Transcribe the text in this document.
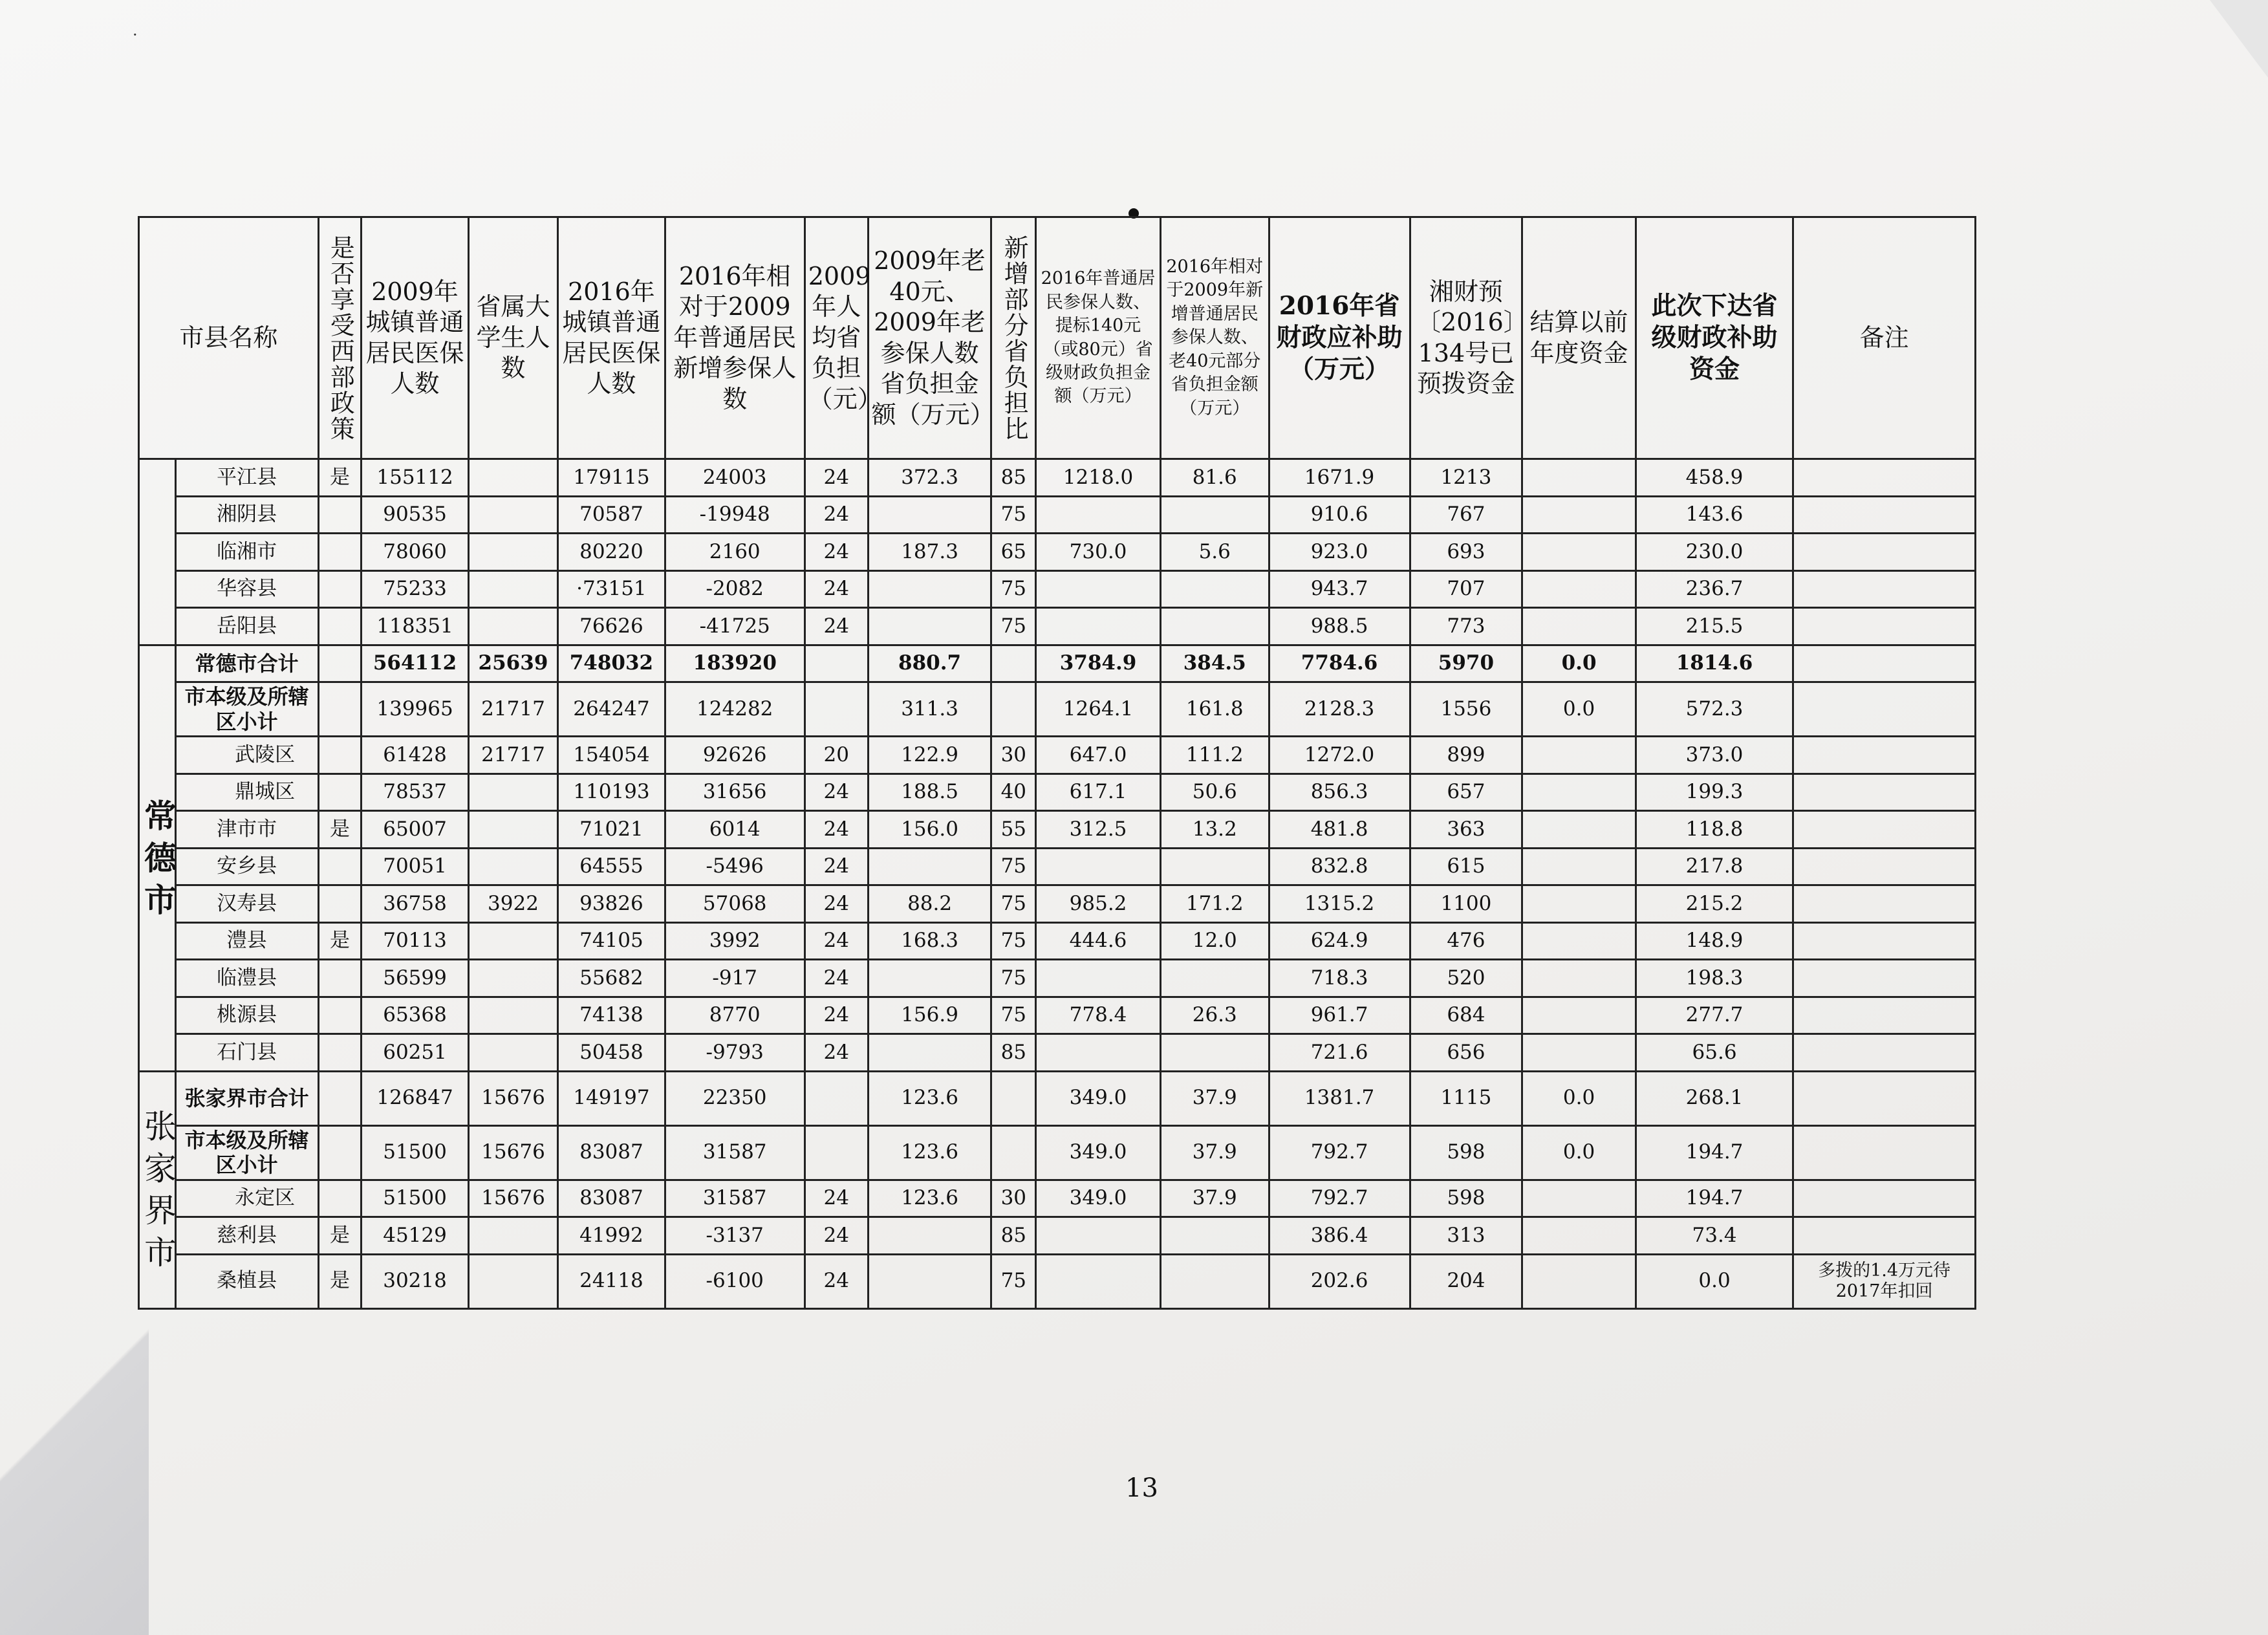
·
市县名称		是否享受西部政策	2009年城镇普通居民医保人数	省属大学生人数	2016年城镇普通居民医保人数	2016年相对于2009年普通居民新增参保人数	2009年人均省负担（元）	2009年老40元、2009年老参保人数省负担金额（万元）	新增部分省负担比	2016年普通居民参保人数、提标140元（或80元）省级财政负担金额（万元）	2016年相对于2009年新增普通居民参保人数、老40元部分省负担金额（万元）	2016年省财政应补助（万元）	湘财预〔2016〕134号已预拨资金	结算以前年度资金	此次下达省级财政补助资金	备注
	平江县	是	155112		179115	24003	24	372.3	85	1218.0	81.6	1671.9	1213		458.9	
	湘阴县		90535		70587	-19948	24		75			910.6	767		143.6	
	临湘市		78060		80220	2160	24	187.3	65	730.0	5.6	923.0	693		230.0	
	华容县		75233		·73151	-2082	24		75			943.7	707		236.7	
	岳阳县		118351		76626	-41725	24		75			988.5	773		215.5	
常德市	常德市合计		564112	25639	748032	183920		880.7		3784.9	384.5	7784.6	5970	0.0	1814.6	
	市本级及所辖区小计		139965	21717	264247	124282		311.3		1264.1	161.8	2128.3	1556	0.0	572.3	
	武陵区		61428	21717	154054	92626	20	122.9	30	647.0	111.2	1272.0	899		373.0	
	鼎城区		78537		110193	31656	24	188.5	40	617.1	50.6	856.3	657		199.3	
	津市市	是	65007		71021	6014	24	156.0	55	312.5	13.2	481.8	363		118.8	
	安乡县		70051		64555	-5496	24		75			832.8	615		217.8	
	汉寿县		36758	3922	93826	57068	24	88.2	75	985.2	171.2	1315.2	1100		215.2	
	澧县	是	70113		74105	3992	24	168.3	75	444.6	12.0	624.9	476		148.9	
	临澧县		56599		55682	-917	24		75			718.3	520		198.3	
	桃源县		65368		74138	8770	24	156.9	75	778.4	26.3	961.7	684		277.7	
	石门县		60251		50458	-9793	24		85			721.6	656		65.6	
张家界市	张家界市合计		126847	15676	149197	22350		123.6		349.0	37.9	1381.7	1115	0.0	268.1	
	市本级及所辖区小计		51500	15676	83087	31587		123.6		349.0	37.9	792.7	598	0.0	194.7	
	永定区		51500	15676	83087	31587	24	123.6	30	349.0	37.9	792.7	598		194.7	
	慈利县	是	45129		41992	-3137	24		85			386.4	313		73.4	
	桑植县	是	30218		24118	-6100	24		75			202.6	204		0.0	多拨的1.4万元待2017年扣回
13
